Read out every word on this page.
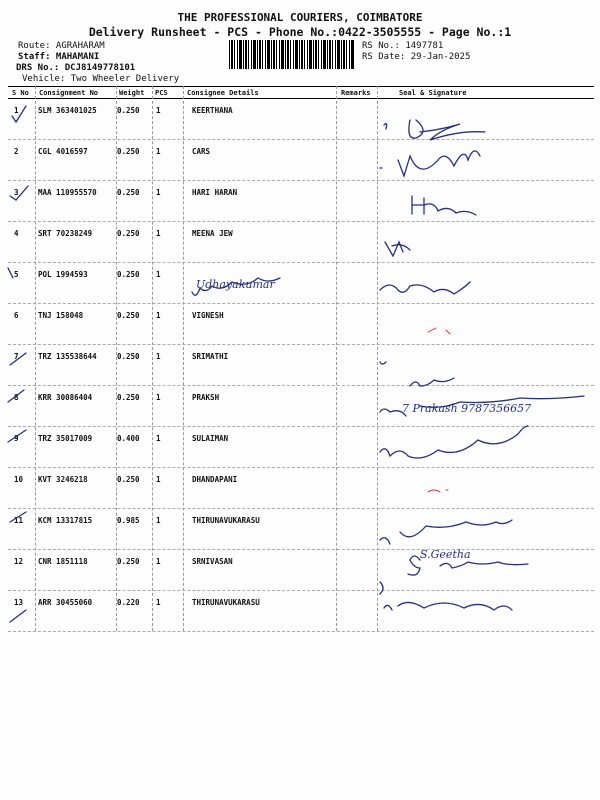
THE PROFESSIONAL COURIERS, COIMBATORE
Delivery Runsheet - PCS - Phone No.:0422-3505555 - Page No.:1
Route: AGRAHARAM
Staff: MAHAMANI
DRS No.: DCJ8149778101
Vehicle: Two Wheeler Delivery
RS No.: 1497781
RS Date: 29-Jan-2025
S No Consignment No	Weight PCS	Consignee Details	Remarks	Seal & Signature
1	SLM 363401025	0.250 1	KEERTHANA
2	CGL 4016597	0.250 1	CARS
3	MAA 110955570	0.250 1	HARI HARAN
4	SRT 70238249	0.250 1	MEENA JEW
5	POL 1994593	0.250 1
6	TNJ 158048	0.250 1	VIGNESH
7	TRZ 135538644	0.250 1	SRIMATHI
8	KRR 30086404	0.250 1	PRAKSH
9	TRZ 35017009	0.400 1	SULAIMAN
10 KVT 3246218	0.250 1	DHANDAPANI
11 KCM 13317815	0.985 1	THIRUNAVUKARASU
12 CNR 1851118	0.250 1	SRNIVASAN
13 ARR 30455060	0.220 1	THIRUNAVUKARASU
Udhayakumar
7 Prakash 9787356657
S.Geetha
